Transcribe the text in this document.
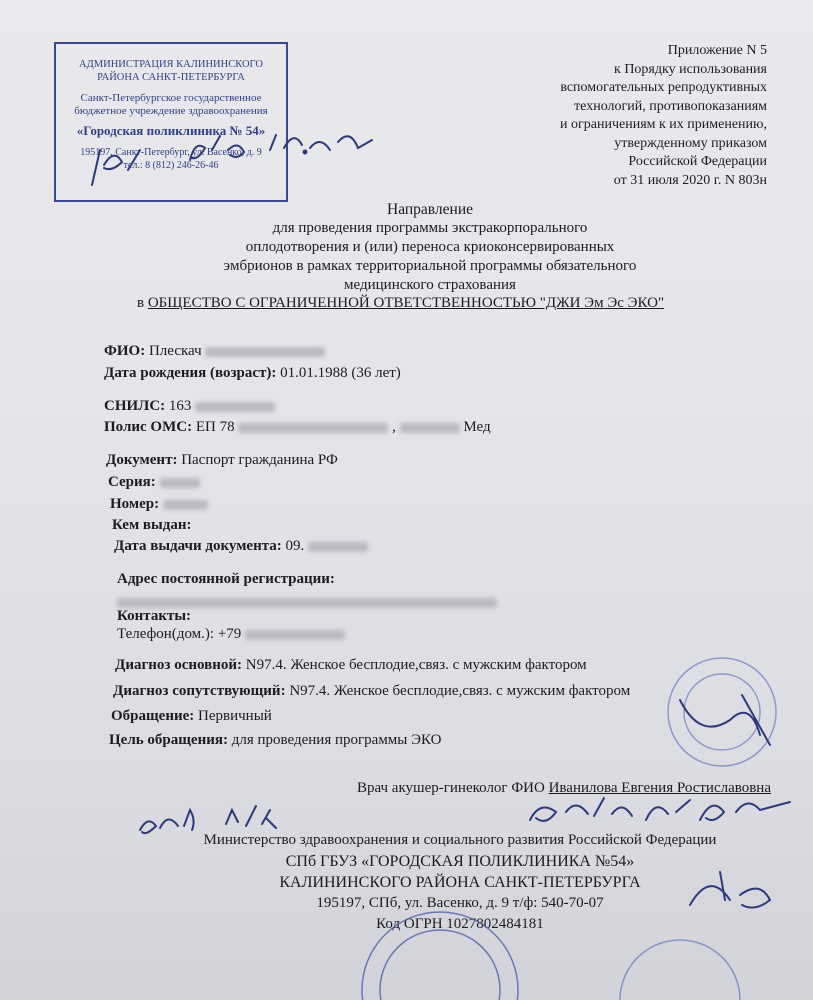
АДМИНИСТРАЦИЯ КАЛИНИНСКОГО
РАЙОНА САНКТ-ПЕТЕРБУРГА
Санкт-Петербургское государственное
бюджетное учреждение здравоохранения
«Городская поликлиника № 54»
195197, Санкт-Петербург, ул. Васенко, д. 9
тел.: 8 (812) 246-26-46
Приложение N 5
к Порядку использования
вспомогательных репродуктивных
технологий, противопоказаниям
и ограничениям к их применению,
утвержденному приказом
Российской Федерации
от 31 июля 2020 г. N 803н
Направление
для проведения программы экстракорпорального
оплодотворения и (или) переноса криоконсервированных
эмбрионов в рамках территориальной программы обязательного
медицинского страхования
в ОБЩЕСТВО С ОГРАНИЧЕННОЙ ОТВЕТСТВЕННОСТЬЮ "ДЖИ Эм Эс ЭКО"
ФИО: Плескач
Дата рождения (возраст): 01.01.1988 (36 лет)
СНИЛС: 163
Полис ОМС: ЕП 78	,	Мед
Документ: Паспорт гражданина РФ
Серия:
Номер:
Кем выдан:
Дата выдачи документа: 09.
Адрес постоянной регистрации:
Контакты:
Телефон(дом.): +79
Диагноз основной: N97.4. Женское бесплодие,связ. с мужским фактором
Диагноз сопутствующий: N97.4. Женское бесплодие,связ. с мужским фактором
Обращение: Первичный
Цель обращения: для проведения программы ЭКО
Врач акушер-гинеколог ФИО Иванилова Евгения Ростиславовна
Министерство здравоохранения и социального развития Российской Федерации
СПб ГБУЗ «ГОРОДСКАЯ ПОЛИКЛИНИКА №54»
КАЛИНИНСКОГО РАЙОНА САНКТ-ПЕТЕРБУРГА
195197, СПб, ул. Васенко, д. 9 т/ф: 540-70-07
Код ОГРН 1027802484181
